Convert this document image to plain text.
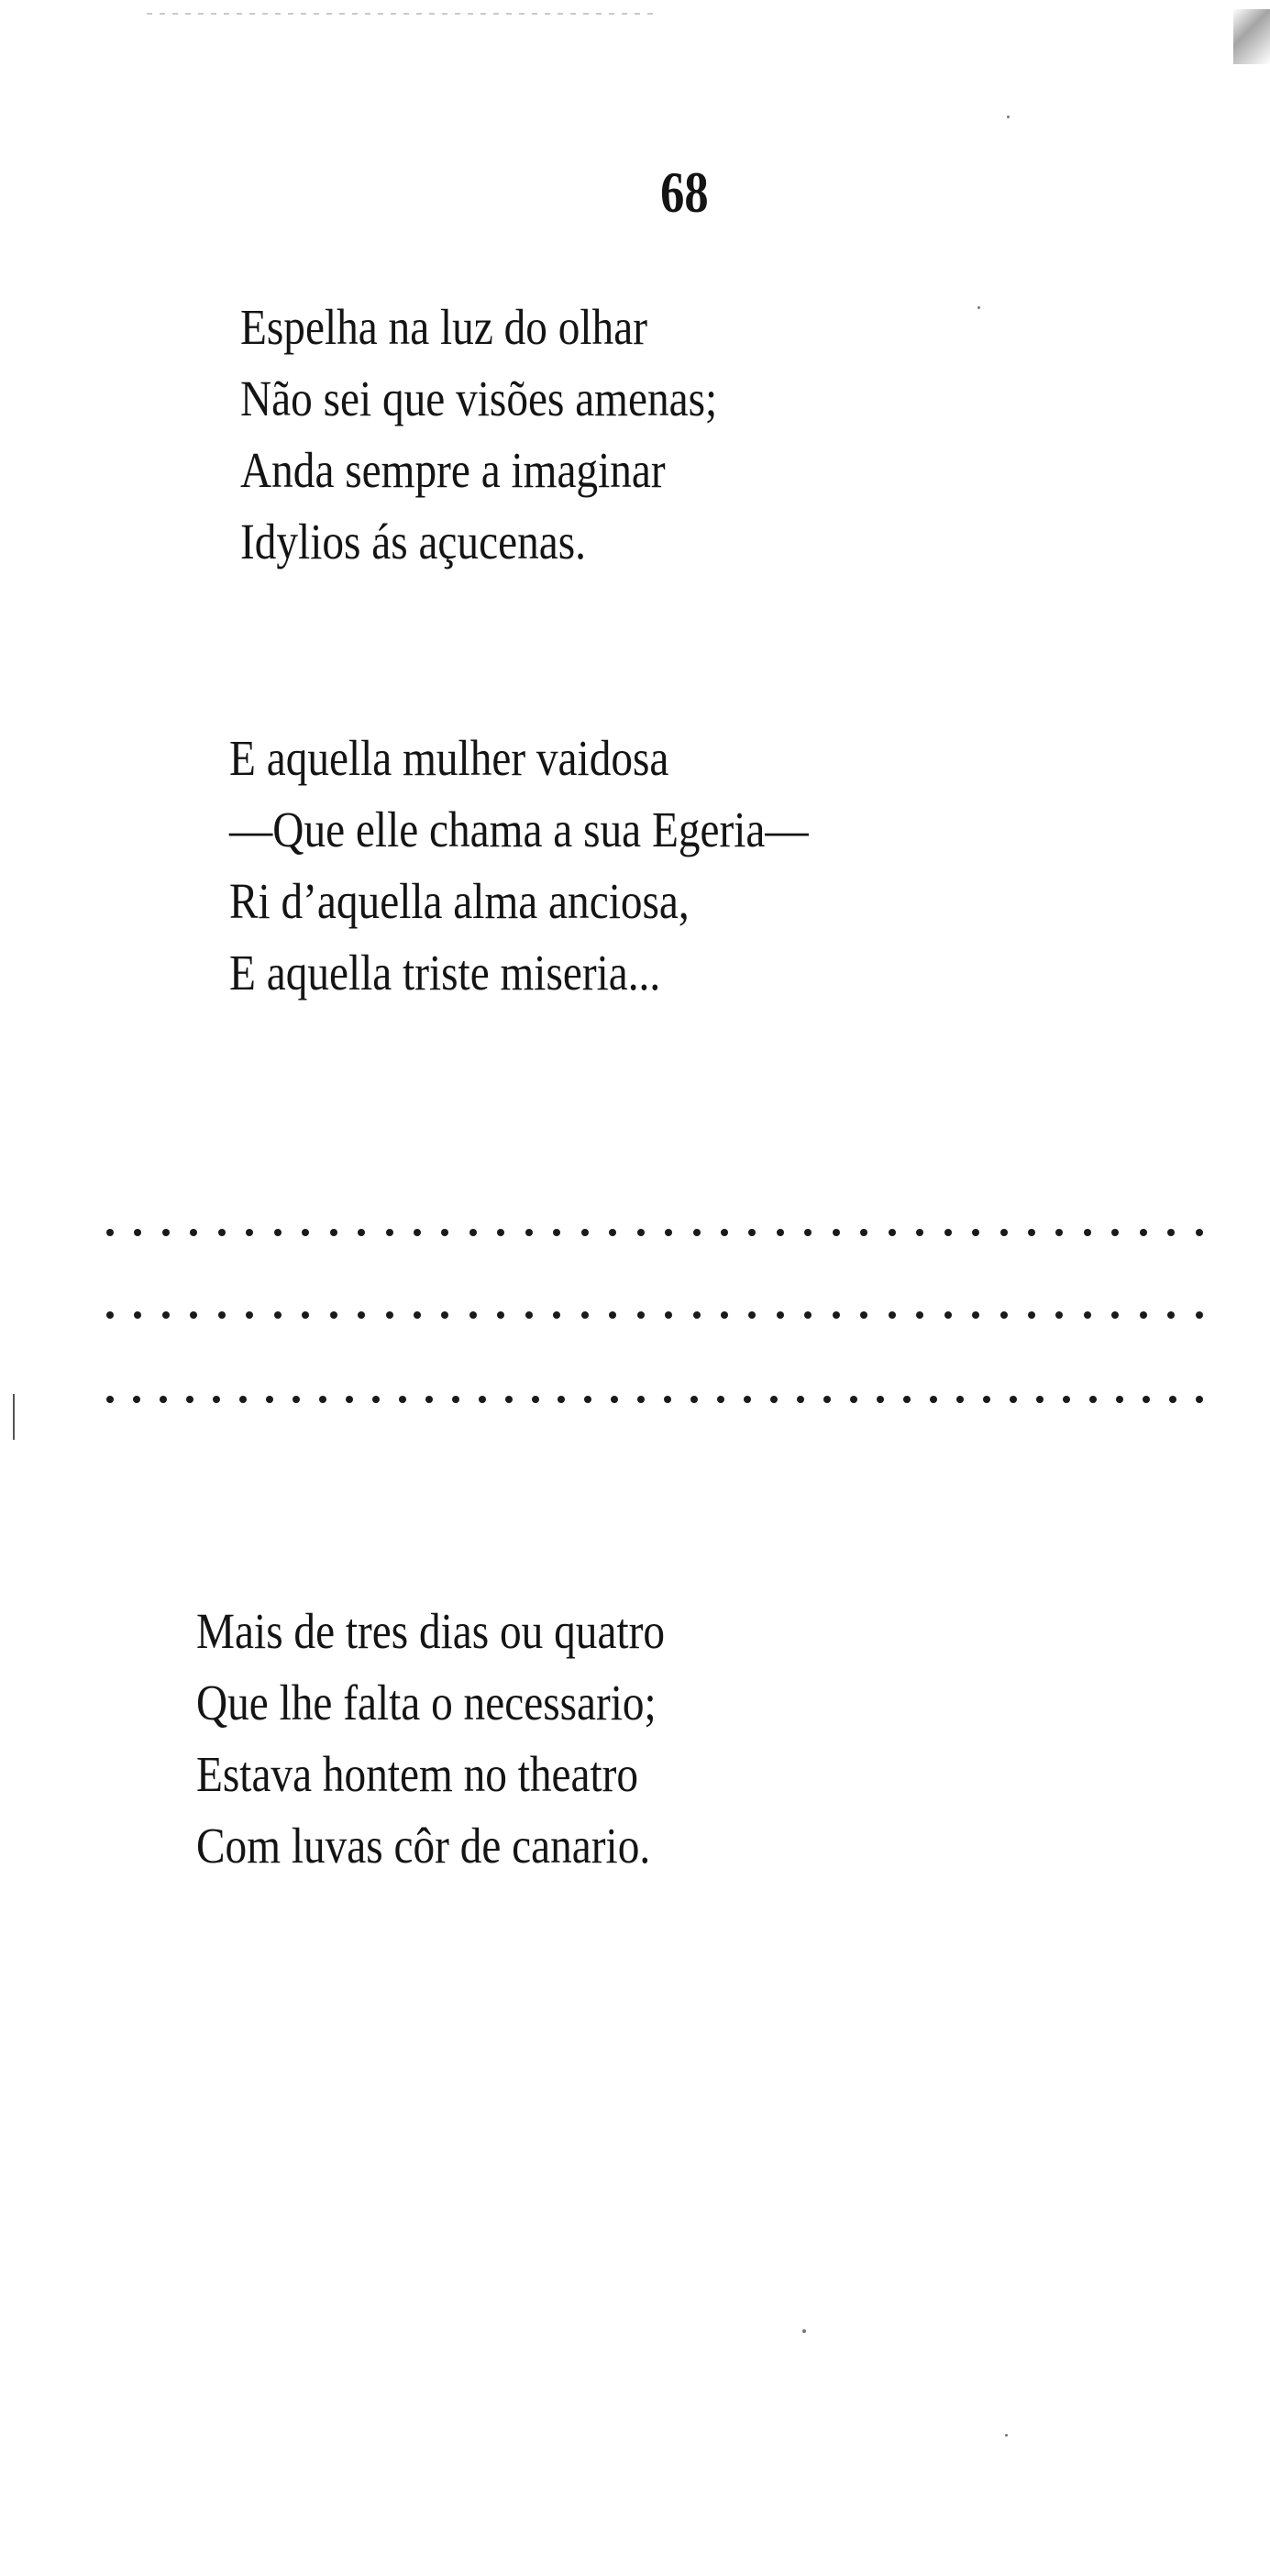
68
Espelha na luz do olhar
Não sei que visões amenas;
Anda sempre a imaginar
Idylios ás açucenas.
E aquella mulher vaidosa
—Que elle chama a sua Egeria—
Ri d’aquella alma anciosa,
E aquella triste miseria...
Mais de tres dias ou quatro
Que lhe falta o necessario;
Estava hontem no theatro
Com luvas côr de canario.
